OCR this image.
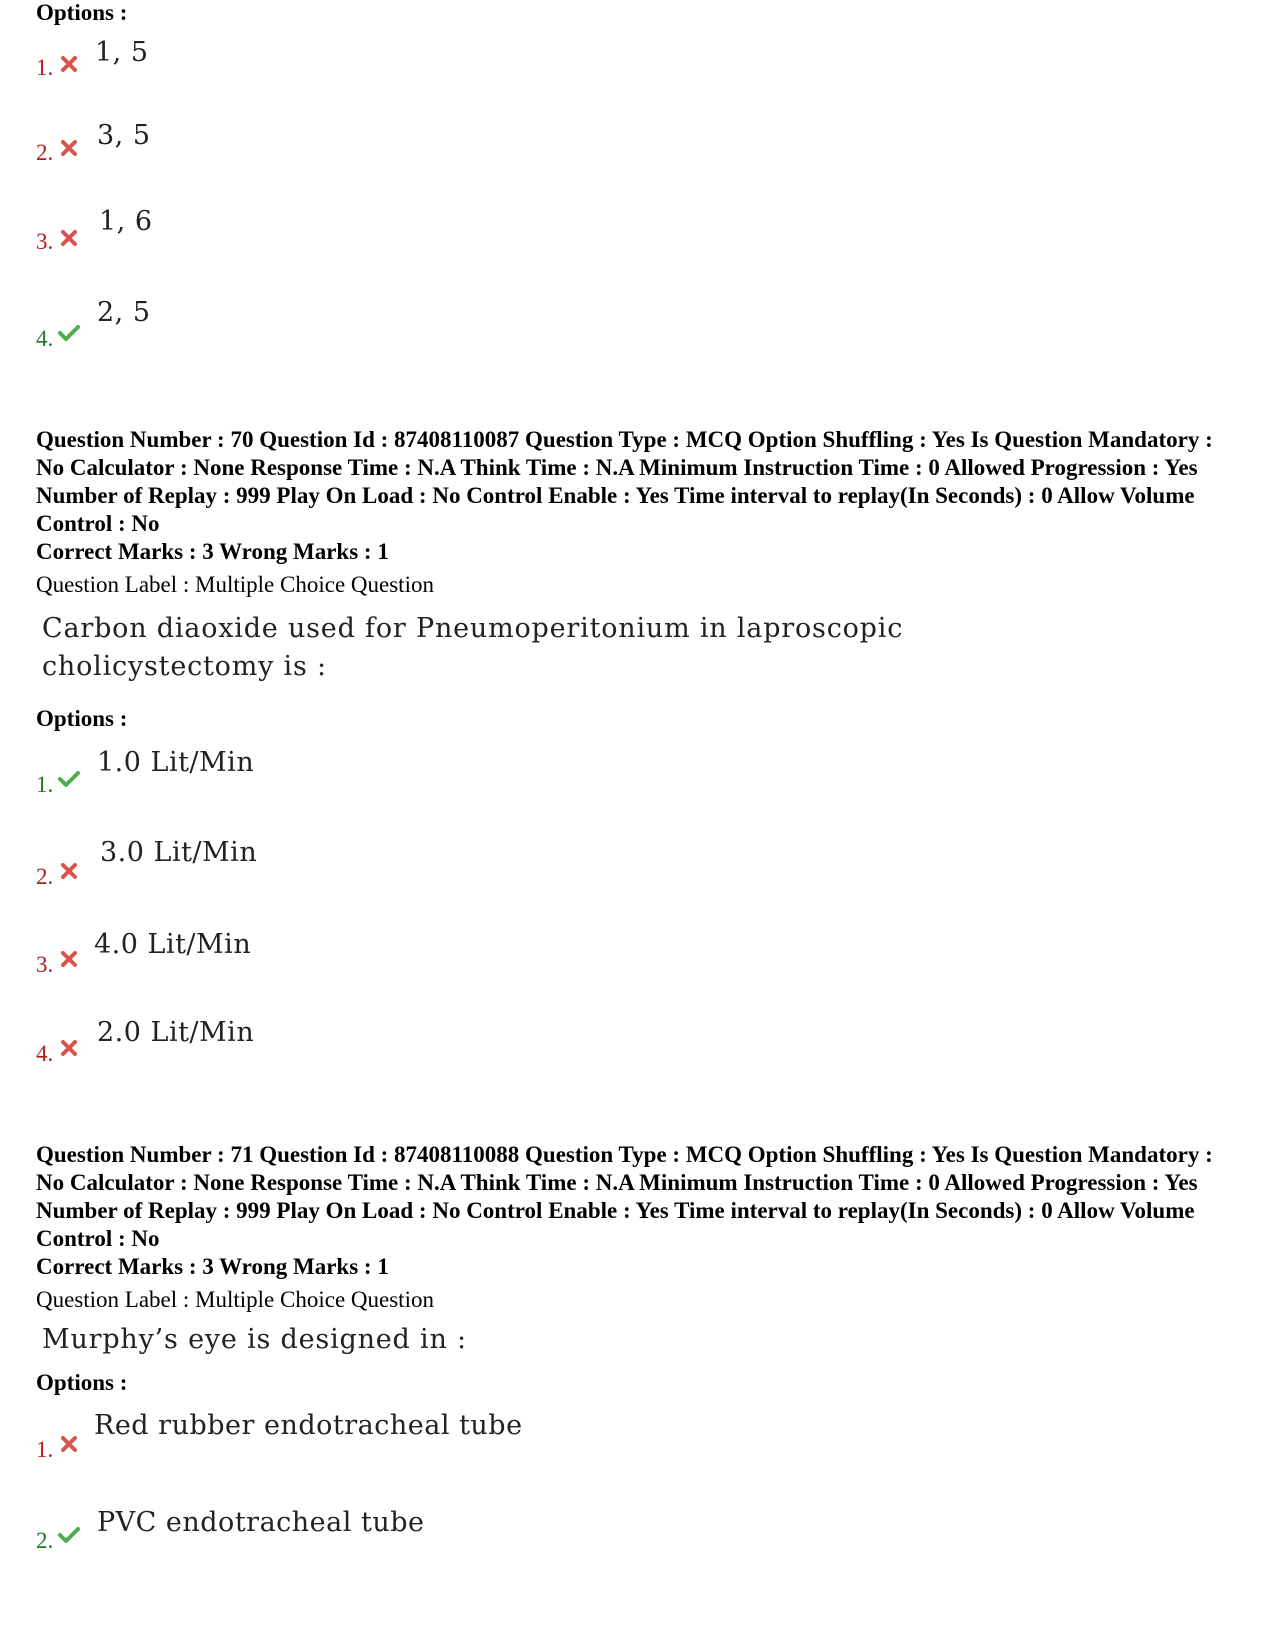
Options :
1. 1, 5
2.
3, 5
3.
1, 6
4.
2, 5
Question Number : 70 Question Id : 87408110087 Question Type : MCQ Option Shuffling : Yes Is Question Mandatory : No Calculator : None Response Time : N.A Think Time : N.A Minimum Instruction Time : 0 Allowed Progression : Yes Number of Replay : 999 Play On Load : No Control Enable : Yes Time interval to replay(In Seconds) : 0 Allow Volume Control : No
Correct Marks : 3 Wrong Marks : 1
Question Label : Multiple Choice Question
Carbon diaoxide used for Pneumoperitonium in laproscopic cholicystectomy is :
Options :
1.
1.0 Lit/Min
2.
3.0 Lit/Min
3.
4.0 Lit/Min
4.
2.0 Lit/Min
Question Number : 71 Question Id : 87408110088 Question Type : MCQ Option Shuffling : Yes Is Question Mandatory : No Calculator : None Response Time : N.A Think Time : N.A Minimum Instruction Time : 0 Allowed Progression : Yes Number of Replay : 999 Play On Load : No Control Enable : Yes Time interval to replay(In Seconds) : 0 Allow Volume Control : No
Correct Marks : 3 Wrong Marks : 1
Question Label : Multiple Choice Question
Murphy’s eye is designed in :
Options :
1.
Red rubber endotracheal tube
2.
PVC endotracheal tube
